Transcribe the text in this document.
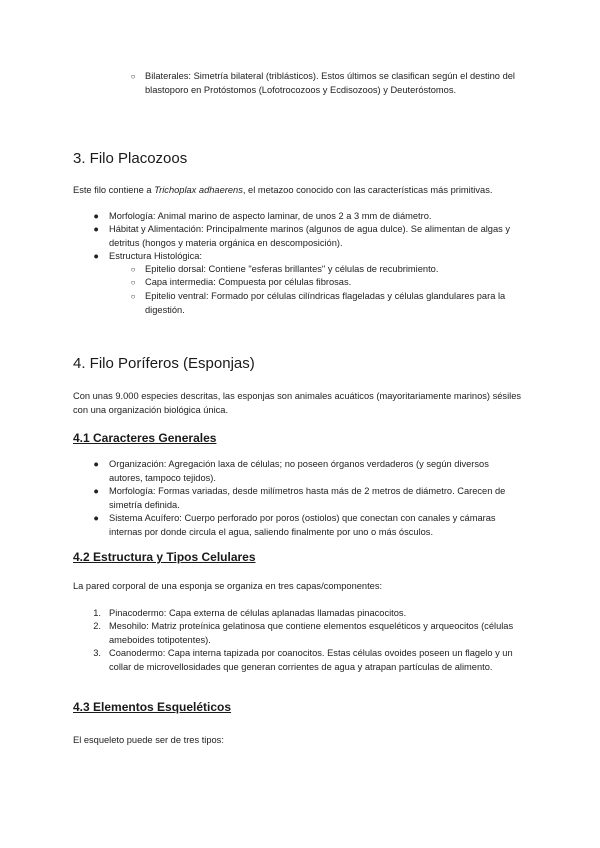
○	Bilaterales: Simetría bilateral (triblásticos). Estos últimos se clasifican según el destino del blastoporo en Protóstomos (Lofotrocozoos y Ecdisozoos) y Deuteróstomos.
3. Filo Placozoos

Este filo contiene a Trichoplax adhaerens, el metazoo conocido con las características más primitivas.

●	Morfología: Animal marino de aspecto laminar, de unos 2 a 3 mm de diámetro.
●	Hábitat y Alimentación: Principalmente marinos (algunos de agua dulce). Se alimentan de algas y detritus (hongos y materia orgánica en descomposición).
●	Estructura Histológica:
○	Epitelio dorsal: Contiene "esferas brillantes" y células de recubrimiento.
○	Capa intermedia: Compuesta por células fibrosas.
○	Epitelio ventral: Formado por células cilíndricas flageladas y células glandulares para la digestión.
4. Filo Poríferos (Esponjas)

Con unas 9.000 especies descritas, las esponjas son animales acuáticos (mayoritariamente marinos) sésiles con una organización biológica única.

4.1 Caracteres Generales
●	Organización: Agregación laxa de células; no poseen órganos verdaderos (y según diversos autores, tampoco tejidos).
●	Morfología: Formas variadas, desde milímetros hasta más de 2 metros de diámetro. Carecen de simetría definida.
●	Sistema Acuífero: Cuerpo perforado por poros (ostiolos) que conectan con canales y cámaras internas por donde circula el agua, saliendo finalmente por uno o más ósculos.
4.2 Estructura y Tipos Celulares

La pared corporal de una esponja se organiza en tres capas/componentes:

1. Pinacodermo: Capa externa de células aplanadas llamadas pinacocitos.
2. Mesohilo: Matriz proteínica gelatinosa que contiene elementos esqueléticos y arqueocitos (células ameboides totipotentes).
3. Coanodermo: Capa interna tapizada por coanocitos. Estas células ovoides poseen un flagelo y un collar de microvellosidades que generan corrientes de agua y atrapan partículas de alimento.
4.3 Elementos Esqueléticos

El esqueleto puede ser de tres tipos:
